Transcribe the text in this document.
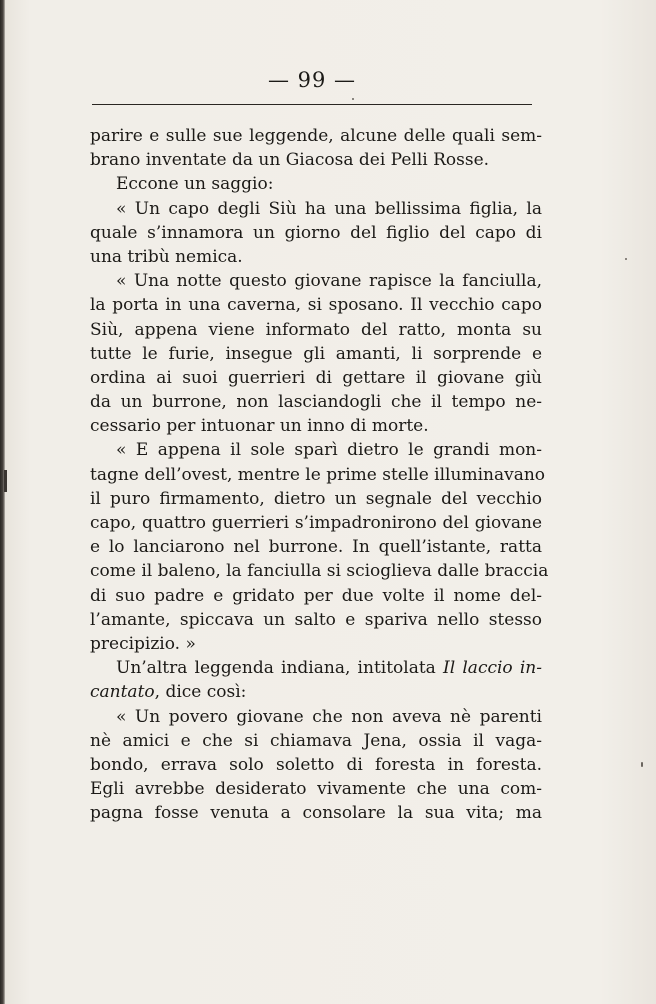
— 99 —
parire e sulle sue leggende, alcune delle quali sem-
brano inventate da un Giacosa dei Pelli Rosse.
Eccone un saggio:
« Un capo degli Siù ha una bellissima figlia, la
quale s’innamora un giorno del figlio del capo di
una tribù nemica.
« Una notte questo giovane rapisce la fanciulla,
la porta in una caverna, si sposano. Il vecchio capo
Siù, appena viene informato del ratto, monta su
tutte le furie, insegue gli amanti, li sorprende e
ordina ai suoi guerrieri di gettare il giovane giù
da un burrone, non lasciandogli che il tempo ne-
cessario per intuonar un inno di morte.
« E appena il sole sparì dietro le grandi mon-
tagne dell’ovest, mentre le prime stelle illuminavano
il puro firmamento, dietro un segnale del vecchio
capo, quattro guerrieri s’impadronirono del giovane
e lo lanciarono nel burrone. In quell’istante, ratta
come il baleno, la fanciulla si scioglieva dalle braccia
di suo padre e gridato per due volte il nome del-
l’amante, spiccava un salto e spariva nello stesso
precipizio. »
Un’altra leggenda indiana, intitolata Il laccio in-
cantato, dice così:
« Un povero giovane che non aveva nè parenti
nè amici e che si chiamava Jena, ossia il vaga-
bondo, errava solo soletto di foresta in foresta.
Egli avrebbe desiderato vivamente che una com-
pagna fosse venuta a consolare la sua vita; ma
